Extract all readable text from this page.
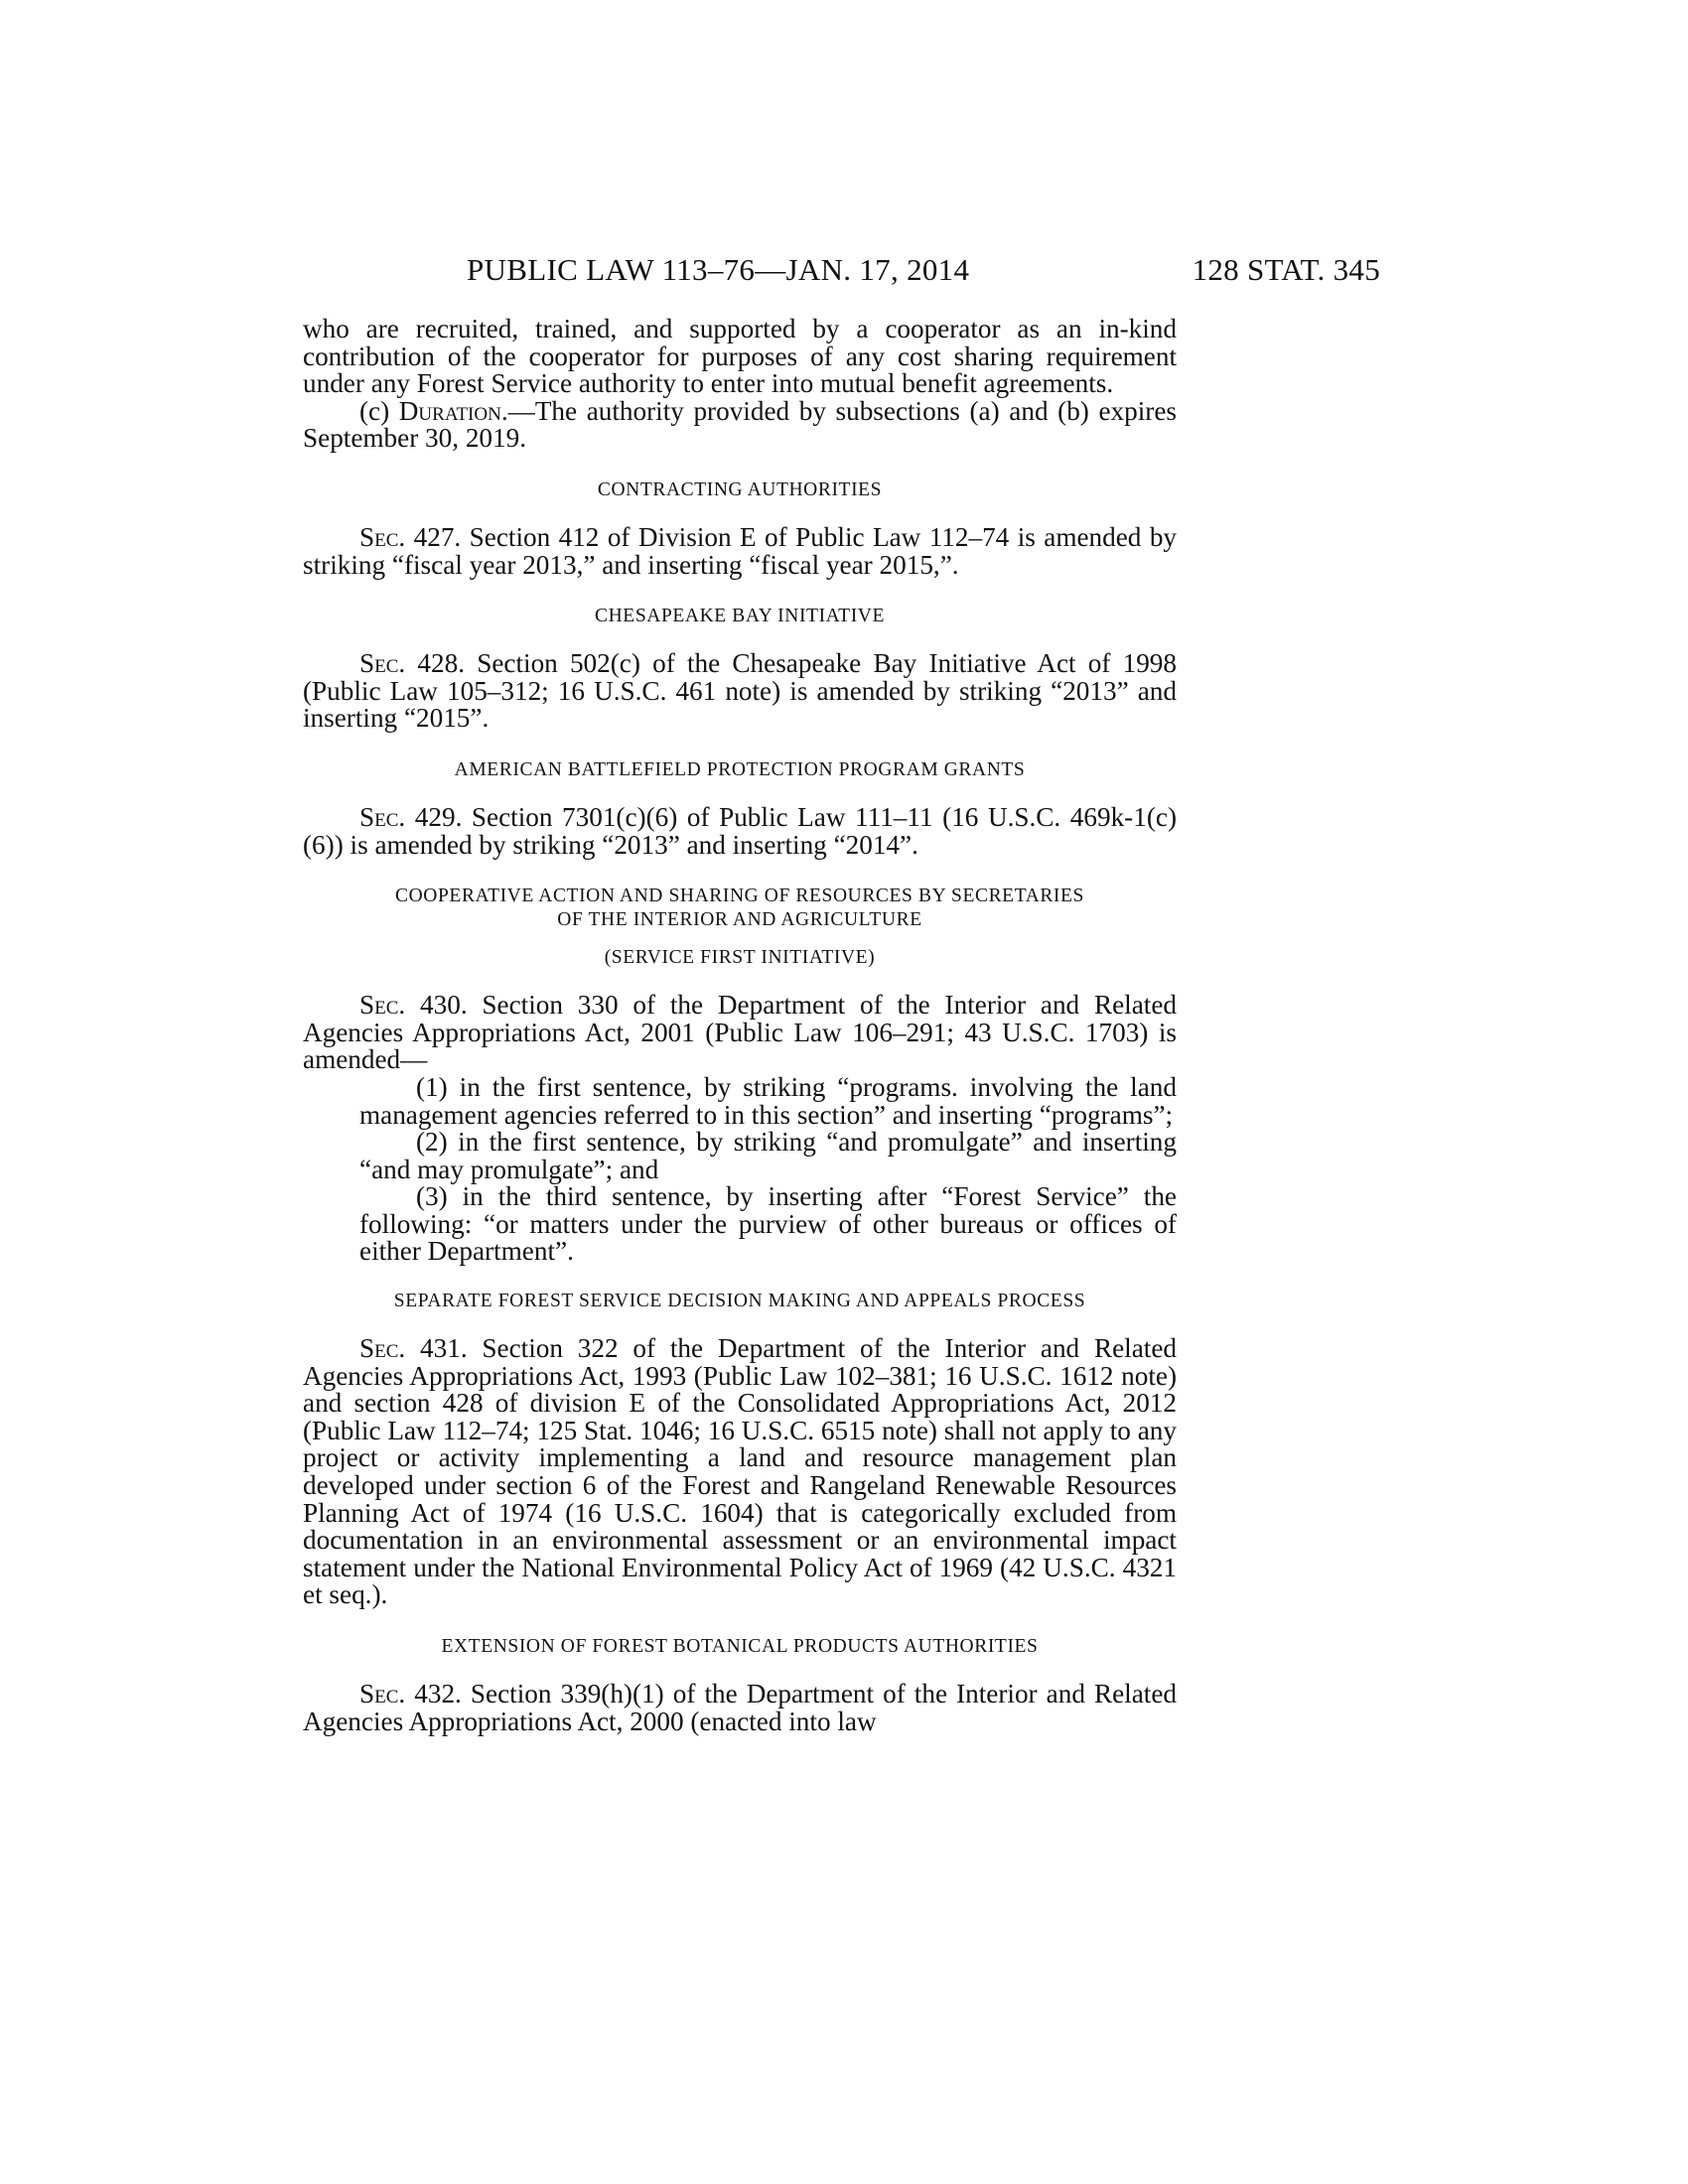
PUBLIC LAW 113–76—JAN. 17, 2014	128 STAT. 345

who are recruited, trained, and supported by a cooperator as an in-kind contribution of the cooperator for purposes of any cost sharing requirement under any Forest Service authority to enter into mutual benefit agreements.

(c) Duration.—The authority provided by subsections (a) and (b) expires September 30, 2019.

CONTRACTING AUTHORITIES

Sec. 427. Section 412 of Division E of Public Law 112–74 is amended by striking “fiscal year 2013,” and inserting “fiscal year 2015,”.

CHESAPEAKE BAY INITIATIVE

Sec. 428. Section 502(c) of the Chesapeake Bay Initiative Act of 1998 (Public Law 105–312; 16 U.S.C. 461 note) is amended by striking “2013” and inserting “2015”.

AMERICAN BATTLEFIELD PROTECTION PROGRAM GRANTS

Sec. 429. Section 7301(c)(6) of Public Law 111–11 (16 U.S.C. 469k-1(c)(6)) is amended by striking “2013” and inserting “2014”.

COOPERATIVE ACTION AND SHARING OF RESOURCES BY SECRETARIES

OF THE INTERIOR AND AGRICULTURE

(SERVICE FIRST INITIATIVE)

Sec. 430. Section 330 of the Department of the Interior and Related Agencies Appropriations Act, 2001 (Public Law 106–291; 43 U.S.C. 1703) is amended—

(1) in the first sentence, by striking “programs. involving the land management agencies referred to in this section” and inserting “programs”;

(2) in the first sentence, by striking “and promulgate” and inserting “and may promulgate”; and

(3) in the third sentence, by inserting after “Forest Service” the following: “or matters under the purview of other bureaus or offices of either Department”.

SEPARATE FOREST SERVICE DECISION MAKING AND APPEALS PROCESS

Sec. 431. Section 322 of the Department of the Interior and Related Agencies Appropriations Act, 1993 (Public Law 102–381; 16 U.S.C. 1612 note) and section 428 of division E of the Consolidated Appropriations Act, 2012 (Public Law 112–74; 125 Stat. 1046; 16 U.S.C. 6515 note) shall not apply to any project or activity implementing a land and resource management plan developed under section 6 of the Forest and Rangeland Renewable Resources Planning Act of 1974 (16 U.S.C. 1604) that is categorically excluded from documentation in an environmental assessment or an environmental impact statement under the National Environmental Policy Act of 1969 (42 U.S.C. 4321 et seq.).

EXTENSION OF FOREST BOTANICAL PRODUCTS AUTHORITIES

Sec. 432. Section 339(h)(1) of the Department of the Interior and Related Agencies Appropriations Act, 2000 (enacted into law
